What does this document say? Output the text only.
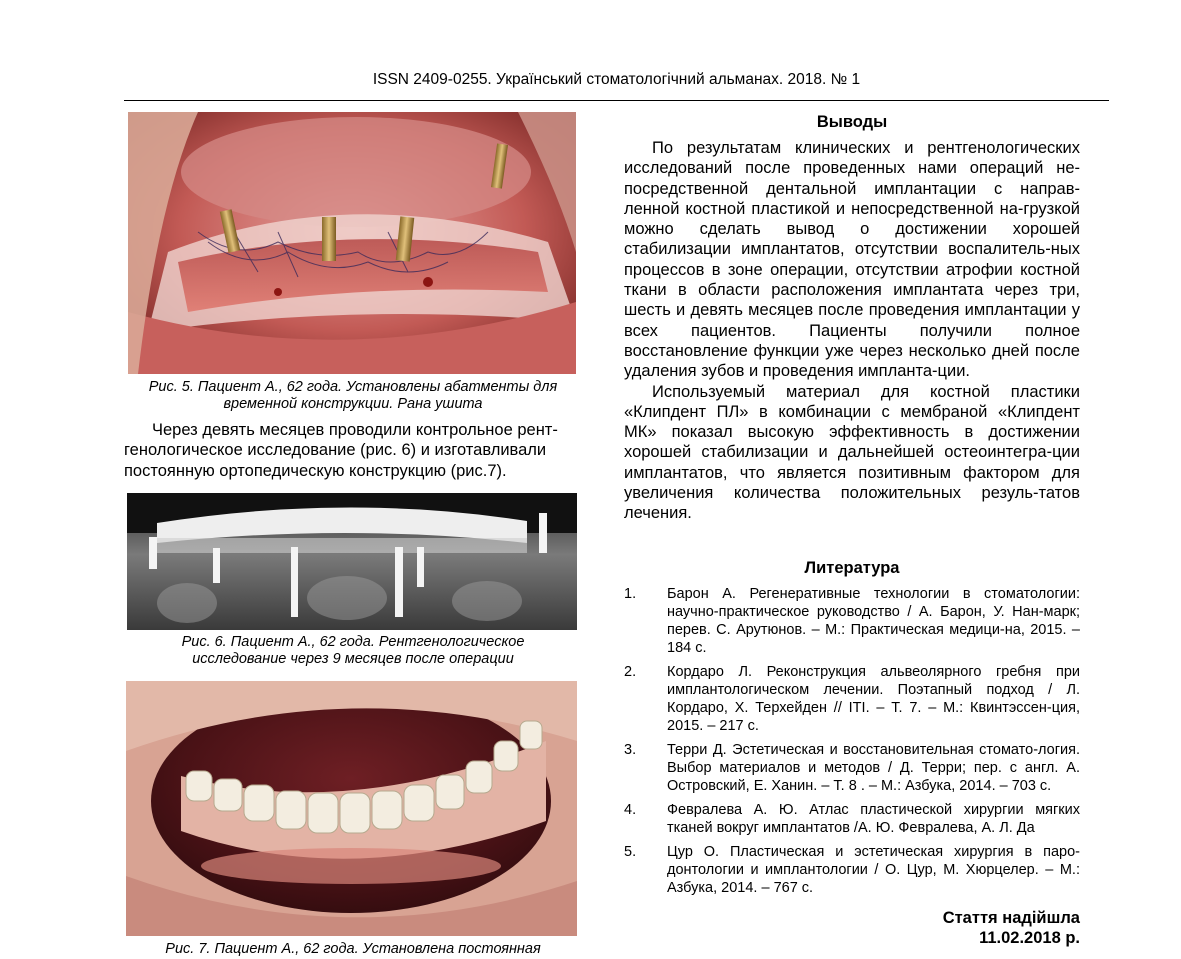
ISSN 2409-0255. Український стоматологічний альманах. 2018. № 1
Рис. 5. Пациент А., 62 года. Установлены абатменты для
временной конструкции. Рана ушита
Через девять месяцев проводили контрольное рент-
генологическое исследование (рис. 6) и изготавливали
постоянную ортопедическую конструкцию (рис.7).
Рис. 6. Пациент А., 62 года. Рентгенологическое
исследование через 9 месяцев после операции
Рис. 7. Пациент А., 62 года. Установлена постоянная
Выводы

По результатам клинических и рентгенологических исследований после проведенных нами операций не-посредственной дентальной имплантации с направ-ленной костной пластикой и непосредственной на-грузкой можно сделать вывод о достижении хорошей стабилизации имплантатов, отсутствии воспалитель-ных процессов в зоне операции, отсутствии атрофии костной ткани в области расположения имплантата через три, шесть и девять месяцев после проведения имплантации у всех пациентов. Пациенты получили полное восстановление функции уже через несколько дней после удаления зубов и проведения импланта-ции.

Используемый материал для костной пластики «Клипдент ПЛ» в комбинации с мембраной «Клипдент МК» показал высокую эффективность в достижении хорошей стабилизации и дальнейшей остеоинтегра-ции имплантатов, что является позитивным фактором для увеличения количества положительных резуль-татов лечения.

Литература
1. Барон А. Регенеративные технологии в стоматологии: научно-практическое руководство / А. Барон, У. Нан-марк; перев. С. Арутюнов. – М.: Практическая медици-на, 2015. –184 с.
2. Кордаро Л. Реконструкция альвеолярного гребня при имплантологическом лечении. Поэтапный подход / Л. Кордаро, Х. Терхейден // ITI. – Т. 7. – М.: Квинтэссен-ция, 2015. – 217 с.
3. Терри Д. Эстетическая и восстановительная стомато-логия. Выбор материалов и методов / Д. Терри; пер. с англ. А. Островский, Е. Ханин. – Т. 8 . – М.: Азбука, 2014. – 703 с.
4. Февралева А. Ю. Атлас пластической хирургии мягких тканей вокруг имплантатов /А. Ю. Февралева, А. Л. Да
5. Цур О. Пластическая и эстетическая хирургия в паро-донтологии и имплантологии / О. Цур, М. Хюрцелер. – М.: Азбука, 2014. – 767 с.
Стаття надійшла
11.02.2018 р.
